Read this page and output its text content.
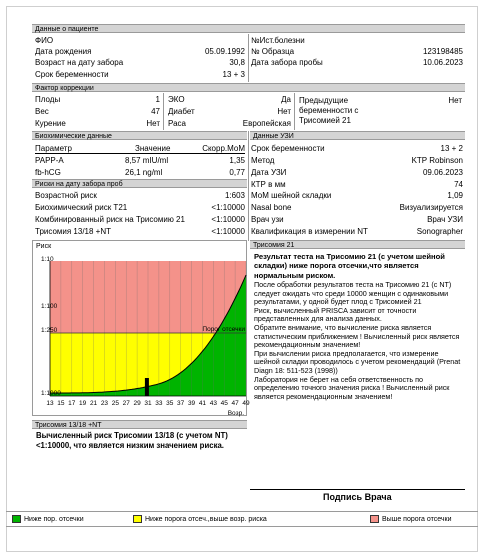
Данные о пациенте
ФИО
Дата рождения	05.09.1992
Возраст на дату забора	30,8
Срок беременности	13 + 3
№Ист.болезни
№ Образца	123198485
Дата забора пробы	10.06.2023
Фактор коррекции
Плоды	1
Вес	47
Курение	Нет
ЭКО	Да
Диабет	Нет
Раса	Европейская
Предыдущие
беременности с
Трисомией 21
Нет
Биохимические данные
Параметр	Значение	Скорр.МоМ
PAPP-A	8,57 mIU/ml	1,35
fb-hCG	26,1 ng/ml	0,77
Риски на дату забора проб
Возрастной риск	1:603
Биохимический риск Т21	<1:10000
Комбинированный риск на Трисомию 21	<1:10000
Трисомия 13/18 +NT	<1:10000
Данные УЗИ
Срок беременности	13 + 2
Метод	KTP Robinson
Дата УЗИ	09.06.2023
КТР в мм	74
МоМ шейной складки	1,09
Nasal bone	Визуализируется
Врач узи	Врач УЗИ
Квалификация в измерении NT	Sonographer
Риск
1:10
1:100
1:250
1:1000
Порог отсечки
13 15 17 19 21 23 25 27 29 31 33 35 37 39 41 43 45 47 49
Возр.
Трисомия 21
Результат теста на Трисомию 21 (с учетом шейной складки) ниже порога отсечки,что является нормальным риском.
После обработки результатов теста на Трисомию 21 (с NT) следует ожидать что среди 10000 женщин с одинаковыми результатами, у одной будет плод с Трисомией 21
Риск, вычисленный PRISCA зависит от точности представленных для анализа данных.
Обратите внимание, что вычисление риска является статистическим приближением ! Вычисленный риск является рекомендационным значением!
При вычислении риска предполагается, что измерение шейной складки проводилось с учетом рекомендаций (Prenat Diagn 18: 511-523 (1998))
Лаборатория не берет на себя ответственность по определению точного значения риска ! Вычисленный риск является рекомендационным значением!
Трисомия 13/18 +NT
Вычисленный риск Трисомии 13/18 (с учетом NT) <1:10000, что является низким значением риска.
Подпись Врача
Ниже пор. отсечки	Ниже порога отсеч.,выше возр. риска	Выше порога отсечки
